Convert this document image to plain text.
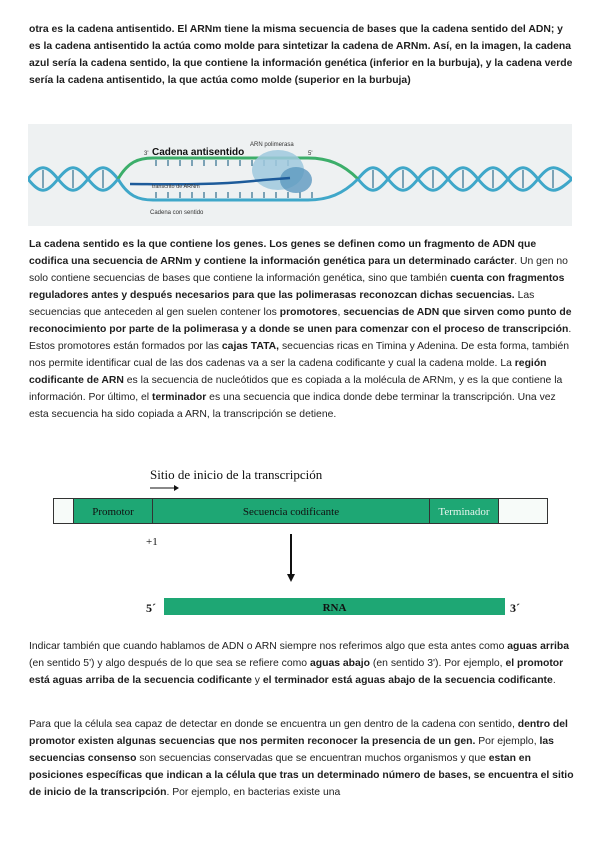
otra es la cadena antisentido. El ARNm tiene la misma secuencia de bases que la cadena sentido del ADN; y es la cadena antisentido la actúa como molde para sintetizar la cadena de ARNm. Así, en la imagen, la cadena azul sería la cadena sentido, la que contiene la información genética (inferior en la burbuja), y la cadena verde sería la cadena antisentido, la que actúa como molde (superior en la burbuja)

Cadena antisentido
3'	5'
ARN polimerasa
transcrito de ARNm
Cadena con sentido

La cadena sentido es la que contiene los genes. Los genes se definen como un fragmento de ADN que codifica una secuencia de ARNm y contiene la información genética para un determinado carácter. Un gen no solo contiene secuencias de bases que contiene la información genética, sino que también cuenta con fragmentos reguladores antes y después necesarios para que las polimerasas reconozcan dichas secuencias. Las secuencias que anteceden al gen suelen contener los promotores, secuencias de ADN que sirven como punto de reconocimiento por parte de la polimerasa y a donde se unen para comenzar con el proceso de transcripción. Estos promotores están formados por las cajas TATA, secuencias ricas en Timina y Adenina. De esta forma, también nos permite identificar cual de las dos cadenas va a ser la cadena codificante y cual la cadena molde. La región codificante de ARN es la secuencia de nucleótidos que es copiada a la molécula de ARNm, y es la que contiene la información. Por último, el terminador es una secuencia que indica donde debe terminar la transcripción. Una vez esta secuencia ha sido copiada a ARN, la transcripción se detiene.

Sitio de inicio de la transcripción
Promotor	Secuencia codificante	Terminador
+1
5´	RNA	3´

Indicar también que cuando hablamos de ADN o ARN siempre nos referimos algo que esta antes como aguas arriba (en sentido 5') y algo después de lo que sea se refiere como aguas abajo (en sentido 3'). Por ejemplo, el promotor está aguas arriba de la secuencia codificante y el terminador está aguas abajo de la secuencia codificante.

Para que la célula sea capaz de detectar en donde se encuentra un gen dentro de la cadena con sentido, dentro del promotor existen algunas secuencias que nos permiten reconocer la presencia de un gen. Por ejemplo, las secuencias consenso son secuencias conservadas que se encuentran muchos organismos y que estan en posiciones específicas que indican a la célula que tras un determinado número de bases, se encuentra el sitio de inicio de la transcripción. Por ejemplo, en bacterias existe una
